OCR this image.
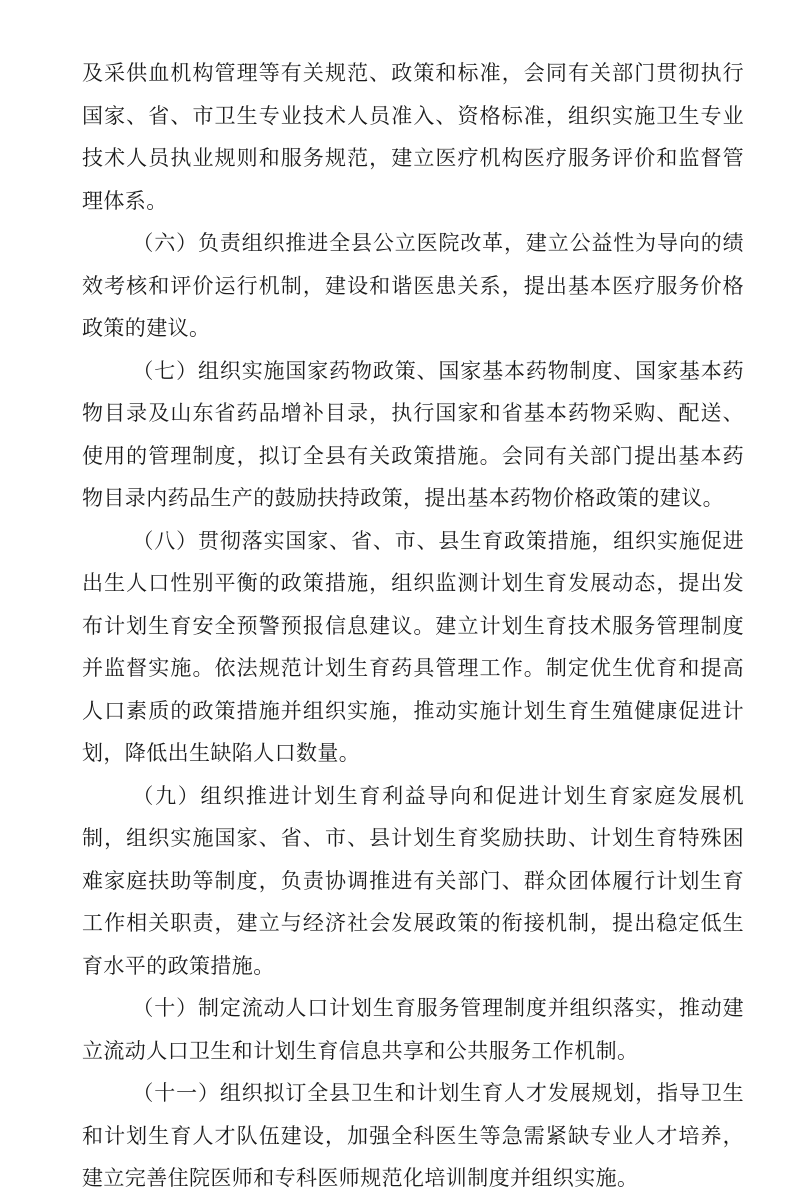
及采供血机构管理等有关规范、政策和标准，会同有关部门贯彻执行国家、省、市卫生专业技术人员准入、资格标准，组织实施卫生专业技术人员执业规则和服务规范，建立医疗机构医疗服务评价和监督管理体系。

（六）负责组织推进全县公立医院改革，建立公益性为导向的绩效考核和评价运行机制，建设和谐医患关系，提出基本医疗服务价格政策的建议。

（七）组织实施国家药物政策、国家基本药物制度、国家基本药物目录及山东省药品增补目录，执行国家和省基本药物采购、配送、使用的管理制度，拟订全县有关政策措施。会同有关部门提出基本药物目录内药品生产的鼓励扶持政策，提出基本药物价格政策的建议。

（八）贯彻落实国家、省、市、县生育政策措施，组织实施促进出生人口性别平衡的政策措施，组织监测计划生育发展动态，提出发布计划生育安全预警预报信息建议。建立计划生育技术服务管理制度并监督实施。依法规范计划生育药具管理工作。制定优生优育和提高人口素质的政策措施并组织实施，推动实施计划生育生殖健康促进计划，降低出生缺陷人口数量。

（九）组织推进计划生育利益导向和促进计划生育家庭发展机制，组织实施国家、省、市、县计划生育奖励扶助、计划生育特殊困难家庭扶助等制度，负责协调推进有关部门、群众团体履行计划生育工作相关职责，建立与经济社会发展政策的衔接机制，提出稳定低生育水平的政策措施。

（十）制定流动人口计划生育服务管理制度并组织落实，推动建立流动人口卫生和计划生育信息共享和公共服务工作机制。

（十一）组织拟订全县卫生和计划生育人才发展规划，指导卫生和计划生育人才队伍建设，加强全科医生等急需紧缺专业人才培养，建立完善住院医师和专科医师规范化培训制度并组织实施。
